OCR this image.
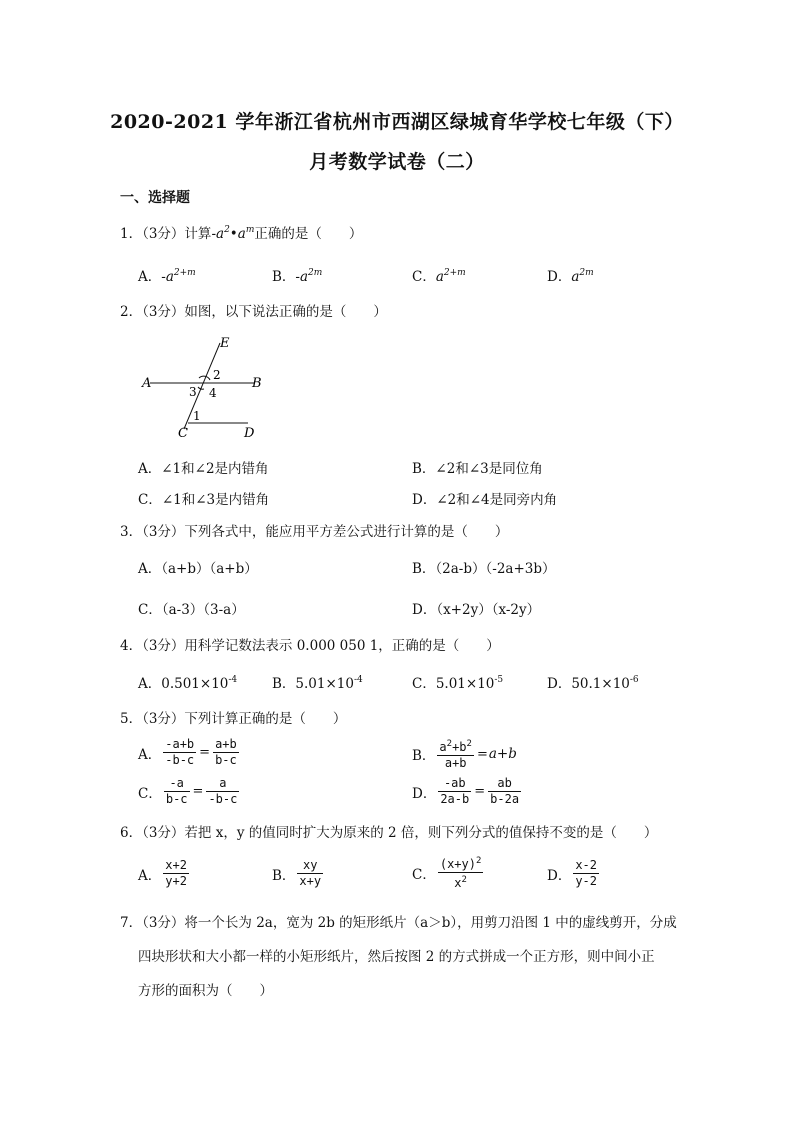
2020-2021 学年浙江省杭州市西湖区绿城育华学校七年级（下）
月考数学试卷（二）
一、选择题
1．（3分）计算$-a^2•a^m$正确的是（　　）
A．$-a^{2+m}$	B．$-a^{2m}$	C．$a^{2+m}$	D．$a^{2m}$
2．（3分）如图，以下说法正确的是（　　）
E
A	B
C	D
2
3 4
1
A．∠1和∠2是内错角	B．∠2和∠3是同位角
C．∠1和∠3是内错角	D．∠2和∠4是同旁内角
3．（3分）下列各式中，能应用平方差公式进行计算的是（　　）
A．（a+b）（a+b）	B．（2a-b）（-2a+3b）
C．（a-3）（3-a）	D．（x+2y）（x-2y）
4．（3分）用科学记数法表示 0.000 050 1，正确的是（　　）
A．$0.501\times 10^{-4}$	B．$5.01\times 10^{-4}$	C．$5.01\times 10^{-5}$	D．$50.1\times 10^{-6}$
5．（3分）下列计算正确的是（　　）
A． $\frac{-a+b}{-b-c} = \frac{a+b}{b-c}$	B． $\frac{a^2+b^2}{a+b} =a+b$
C． $\frac{-a}{b-c} = \frac{a}{-b-c}$	D． $\frac{-ab}{2a-b} = \frac{ab}{b-2a}$
6．（3分）若把 x，y 的值同时扩大为原来的 2 倍，则下列分式的值保持不变的是（　　）
A． $\frac{x+2}{y+2}$	B． $\frac{xy}{x+y}$	C． $\frac{(x+y)^2}{x^2}$	D． $\frac{x-2}{y-2}$
7．（3分）将一个长为 2a，宽为 2b 的矩形纸片（a＞b），用剪刀沿图 1 中的虚线剪开，分成
四块形状和大小都一样的小矩形纸片，然后按图 2 的方式拼成一个正方形，则中间小正
方形的面积为（　　）
